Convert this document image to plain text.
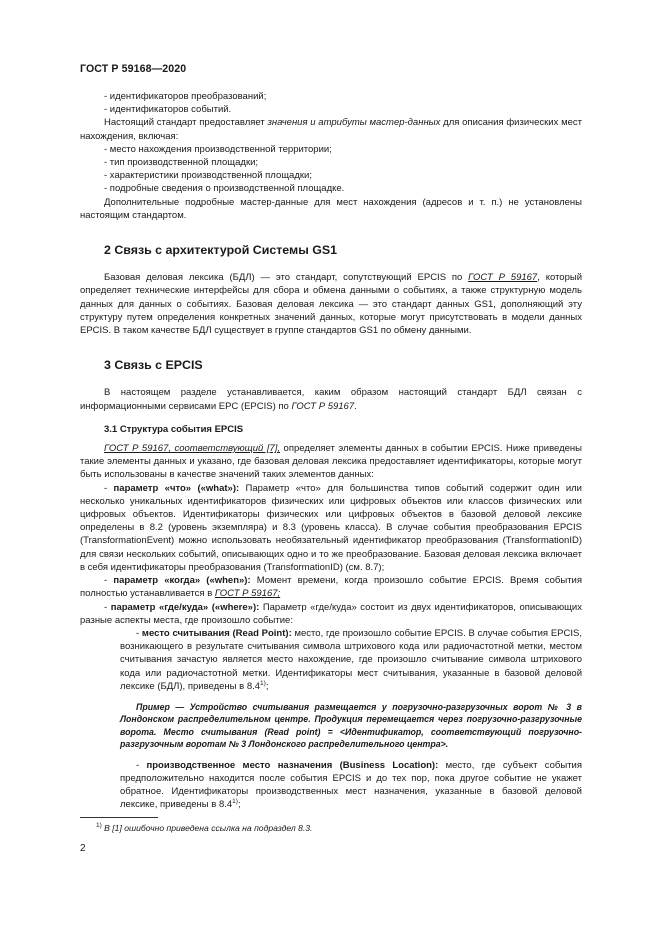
ГОСТ Р 59168—2020

- идентификаторов преобразований;

- идентификаторов событий.

Настоящий стандарт предоставляет значения и атрибуты мастер-данных для описания физических мест нахождения, включая:

- место нахождения производственной территории;

- тип производственной площадки;

- характеристики производственной площадки;

- подробные сведения о производственной площадке.

Дополнительные подробные мастер-данные для мест нахождения (адресов и т. п.) не установлены настоящим стандартом.

2 Связь с архитектурой Системы GS1

Базовая деловая лексика (БДЛ) — это стандарт, сопутствующий EPCIS по ГОСТ Р 59167, который определяет технические интерфейсы для сбора и обмена данными о событиях, а также структурную модель данных для данных о событиях. Базовая деловая лексика — это стандарт данных GS1, дополняющий эту структуру путем определения конкретных значений данных, которые могут присутствовать в модели данных EPCIS. В таком качестве БДЛ существует в группе стандартов GS1 по обмену данными.

3 Связь с EPCIS

В настоящем разделе устанавливается, каким образом настоящий стандарт БДЛ связан с информационными сервисами EPC (EPCIS) по ГОСТ Р 59167.

3.1 Структура события EPCIS

ГОСТ Р 59167, соответствующий [7], определяет элементы данных в событии EPCIS. Ниже приведены такие элементы данных и указано, где базовая деловая лексика предоставляет идентификаторы, которые могут быть использованы в качестве значений таких элементов данных:

- параметр «что» («what»): Параметр «что» для большинства типов событий содержит один или несколько уникальных идентификаторов физических или цифровых объектов или классов физических или цифровых объектов. Идентификаторы физических или цифровых объектов в базовой деловой лексике определены в 8.2 (уровень экземпляра) и 8.3 (уровень класса). В случае события преобразования EPCIS (TransformationEvent) можно использовать необязательный идентификатор преобразования (TransformationID) для связи нескольких событий, описывающих одно и то же преобразование. Базовая деловая лексика включает в себя идентификаторы преобразования (TransformationID) (см. 8.7);

- параметр «когда» («when»): Момент времени, когда произошло событие EPCIS. Время события полностью устанавливается в ГОСТ Р 59167;

- параметр «где/куда» («where»): Параметр «где/куда» состоит из двух идентификаторов, описывающих разные аспекты места, где произошло событие:

- место считывания (Read Point): место, где произошло событие EPCIS. В случае события EPCIS, возникающего в результате считывания символа штрихового кода или радиочастотной метки, местом считывания зачастую является место нахождение, где произошло считывание символа штрихового кода или радиочастотной метки. Идентификаторы мест считывания, указанные в базовой деловой лексике (БДЛ), приведены в 8.4$^{1)}$;

Пример — Устройство считывания размещается у погрузочно-разгрузочных ворот № 3 в Лондонском распределительном центре. Продукция перемещается через погрузочно-разгрузочные ворота. Место считывания (Read point) = <Идентификатор, соответствующий погрузочно-разгрузочным воротам № 3 Лондонского распределительного центра>.

- производственное место назначения (Business Location): место, где субъект события предположительно находится после события EPCIS и до тех пор, пока другое событие не укажет обратное. Идентификаторы производственных мест назначения, указанные в базовой деловой лексике, приведены в 8.4$^{1)}$;

$^{1)}$ В [1] ошибочно приведена ссылка на подраздел 8.3.
2
